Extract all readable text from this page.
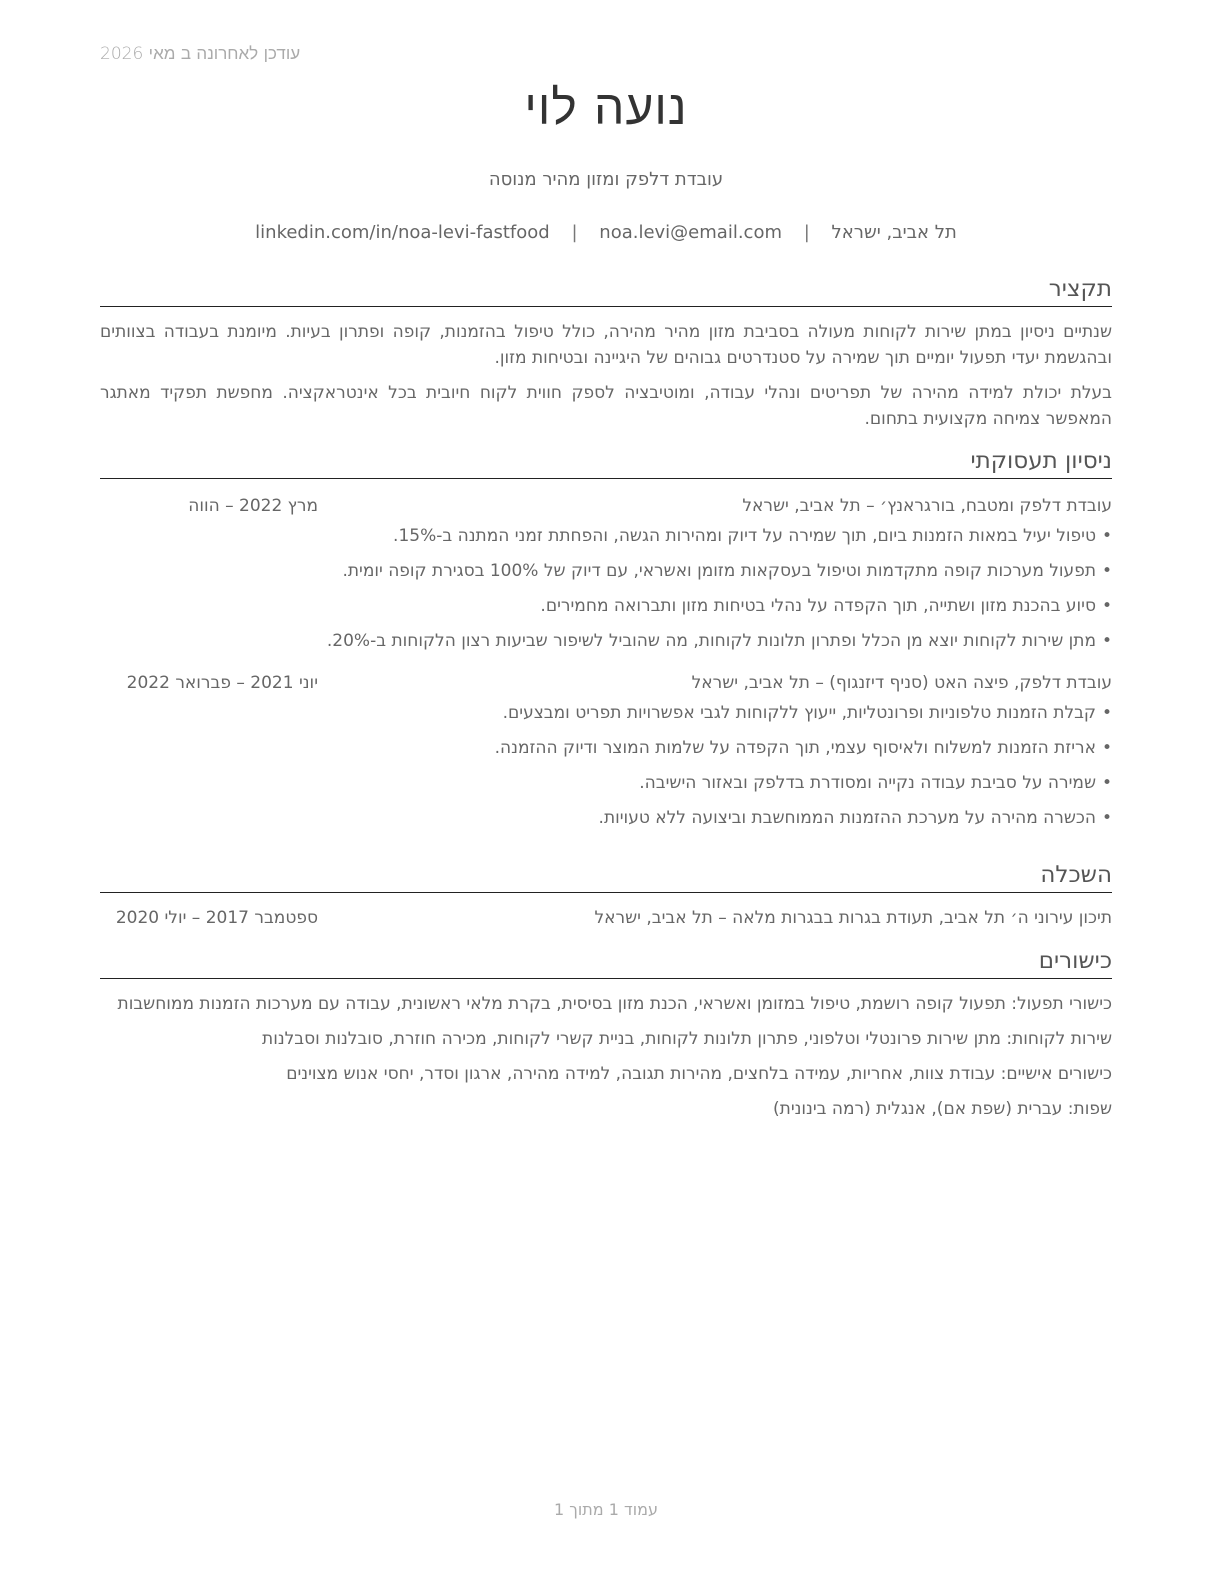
עודכן לאחרונה ב מאי 2026
נועה לוי
עובדת דלפק ומזון מהיר מנוסה
תל אביב, ישראל | noa.levi@email.com | linkedin.com/in/noa-levi-fastfood
תקציר

שנתיים ניסיון במתן שירות לקוחות מעולה בסביבת מזון מהיר מהירה, כולל טיפול בהזמנות, קופה ופתרון בעיות. מיומנת בעבודה בצוותים ובהגשמת יעדי תפעול יומיים תוך שמירה על סטנדרטים גבוהים של היגיינה ובטיחות מזון.

בעלת יכולת למידה מהירה של תפריטים ונהלי עבודה, ומוטיבציה לספק חווית לקוח חיובית בכל אינטראקציה. מחפשת תפקיד מאתגר המאפשר צמיחה מקצועית בתחום.

ניסיון תעסוקתי
עובדת דלפק ומטבח, בורגראנץ׳ – תל אביב, ישראל
מרץ 2022 – הווה
•טיפול יעיל במאות הזמנות ביום, תוך שמירה על דיוק ומהירות הגשה, והפחתת זמני המתנה ב-15%.
•תפעול מערכות קופה מתקדמות וטיפול בעסקאות מזומן ואשראי, עם דיוק של 100% בסגירת קופה יומית.
•סיוע בהכנת מזון ושתייה, תוך הקפדה על נהלי בטיחות מזון ותברואה מחמירים.
•מתן שירות לקוחות יוצא מן הכלל ופתרון תלונות לקוחות, מה שהוביל לשיפור שביעות רצון הלקוחות ב-20%.
עובדת דלפק, פיצה האט (סניף דיזנגוף) – תל אביב, ישראל
יוני 2021 – פברואר 2022
•קבלת הזמנות טלפוניות ופרונטליות, ייעוץ ללקוחות לגבי אפשרויות תפריט ומבצעים.
•אריזת הזמנות למשלוח ולאיסוף עצמי, תוך הקפדה על שלמות המוצר ודיוק ההזמנה.
•שמירה על סביבת עבודה נקייה ומסודרת בדלפק ובאזור הישיבה.
•הכשרה מהירה על מערכת ההזמנות הממוחשבת וביצועה ללא טעויות.
השכלה
תיכון עירוני ה׳ תל אביב, תעודת בגרות בבגרות מלאה – תל אביב, ישראל
ספטמבר 2017 – יולי 2020
כישורים

כישורי תפעול: תפעול קופה רושמת, טיפול במזומן ואשראי, הכנת מזון בסיסית, בקרת מלאי ראשונית, עבודה עם מערכות הזמנות ממוחשבות

שירות לקוחות: מתן שירות פרונטלי וטלפוני, פתרון תלונות לקוחות, בניית קשרי לקוחות, מכירה חוזרת, סובלנות וסבלנות

כישורים אישיים: עבודת צוות, אחריות, עמידה בלחצים, מהירות תגובה, למידה מהירה, ארגון וסדר, יחסי אנוש מצוינים

שפות: עברית (שפת אם), אנגלית (רמה בינונית)

עמוד 1 מתוך 1
